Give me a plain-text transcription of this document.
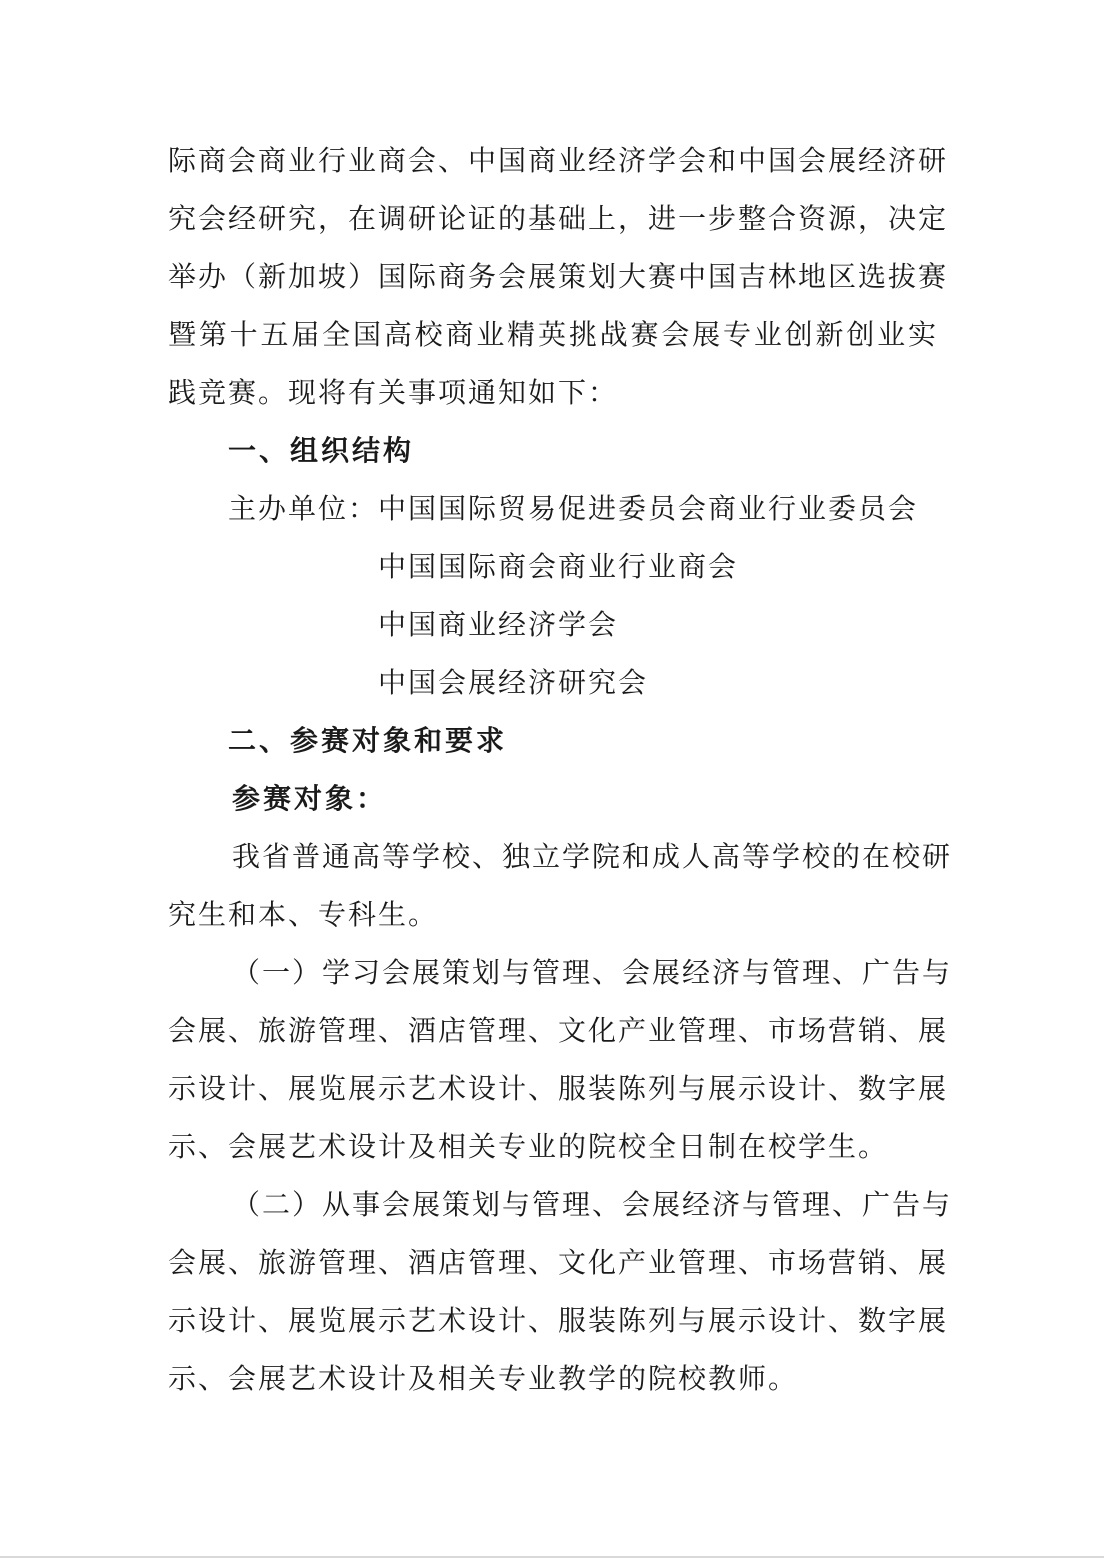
际商会商业行业商会、中国商业经济学会和中国会展经济研
究会经研究，在调研论证的基础上，进一步整合资源，决定
举办（新加坡）国际商务会展策划大赛中国吉林地区选拔赛
暨第十五届全国高校商业精英挑战赛会展专业创新创业实
践竞赛。现将有关事项通知如下：
一、组织结构
主办单位： 中国国际贸易促进委员会商业行业委员会
中国国际商会商业行业商会
中国商业经济学会
中国会展经济研究会
二、参赛对象和要求
参赛对象：
我省普通高等学校、独立学院和成人高等学校的在校研
究生和本、专科生。
（一）学习会展策划与管理、会展经济与管理、广告与
会展、旅游管理、酒店管理、文化产业管理、市场营销、展
示设计、展览展示艺术设计、服装陈列与展示设计、数字展
示、会展艺术设计及相关专业的院校全日制在校学生。
（二）从事会展策划与管理、会展经济与管理、广告与
会展、旅游管理、酒店管理、文化产业管理、市场营销、展
示设计、展览展示艺术设计、服装陈列与展示设计、数字展
示、会展艺术设计及相关专业教学的院校教师。
